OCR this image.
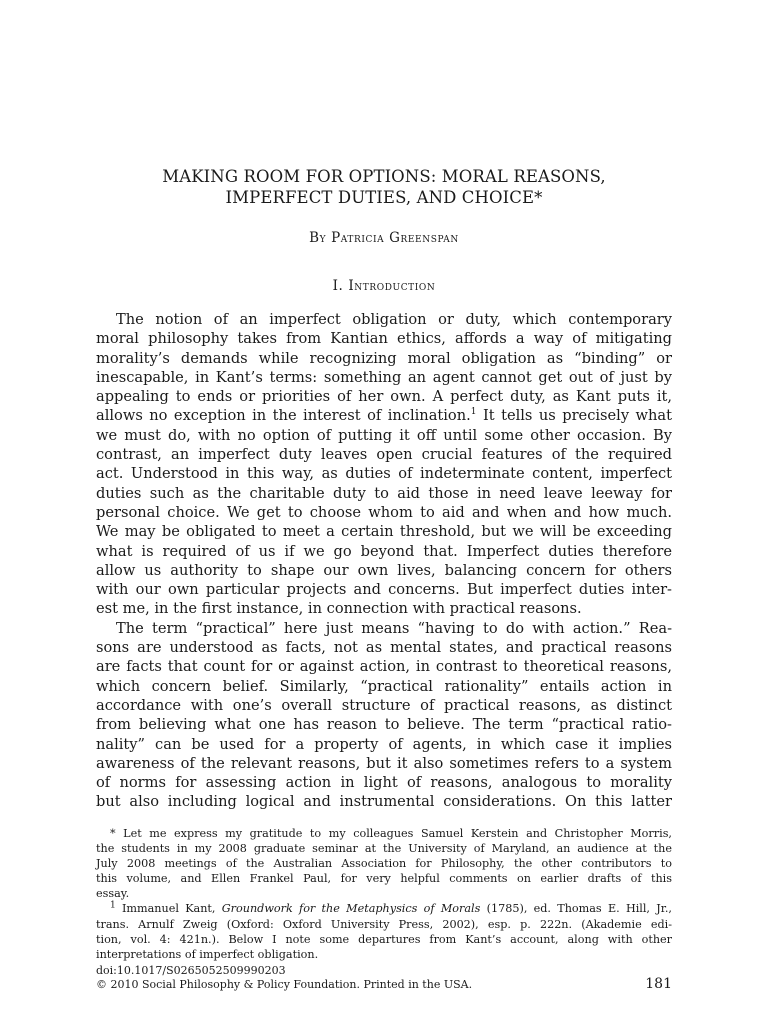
MAKING ROOM FOR OPTIONS: MORAL REASONS,
IMPERFECT DUTIES, AND CHOICE*
By Patricia Greenspan
I. Introduction
The notion of an imperfect obligation or duty, which contemporary
moral philosophy takes from Kantian ethics, affords a way of mitigating
morality’s demands while recognizing moral obligation as “binding” or
inescapable, in Kant’s terms: something an agent cannot get out of just by
appealing to ends or priorities of her own. A perfect duty, as Kant puts it,
allows no exception in the interest of inclination.$^1$ It tells us precisely what
we must do, with no option of putting it off until some other occasion. By
contrast, an imperfect duty leaves open crucial features of the required
act. Understood in this way, as duties of indeterminate content, imperfect
duties such as the charitable duty to aid those in need leave leeway for
personal choice. We get to choose whom to aid and when and how much.
We may be obligated to meet a certain threshold, but we will be exceeding
what is required of us if we go beyond that. Imperfect duties therefore
allow us authority to shape our own lives, balancing concern for others
with our own particular projects and concerns. But imperfect duties inter-
est me, in the first instance, in connection with practical reasons.
The term “practical” here just means “having to do with action.” Rea-
sons are understood as facts, not as mental states, and practical reasons
are facts that count for or against action, in contrast to theoretical reasons,
which concern belief. Similarly, “practical rationality” entails action in
accordance with one’s overall structure of practical reasons, as distinct
from believing what one has reason to believe. The term “practical ratio-
nality” can be used for a property of agents, in which case it implies
awareness of the relevant reasons, but it also sometimes refers to a system
of norms for assessing action in light of reasons, analogous to morality
but also including logical and instrumental considerations. On this latter
* Let me express my gratitude to my colleagues Samuel Kerstein and Christopher Morris,
the students in my 2008 graduate seminar at the University of Maryland, an audience at the
July 2008 meetings of the Australian Association for Philosophy, the other contributors to
this volume, and Ellen Frankel Paul, for very helpful comments on earlier drafts of this
essay.
$^1$ Immanuel Kant, Groundwork for the Metaphysics of Morals (1785), ed. Thomas E. Hill, Jr.,
trans. Arnulf Zweig (Oxford: Oxford University Press, 2002), esp. p. 222n. (Akademie edi-
tion, vol. 4: 421n.). Below I note some departures from Kant’s account, along with other
interpretations of imperfect obligation.
doi:10.1017/S0265052509990203
© 2010 Social Philosophy & Policy Foundation. Printed in the USA.	181
